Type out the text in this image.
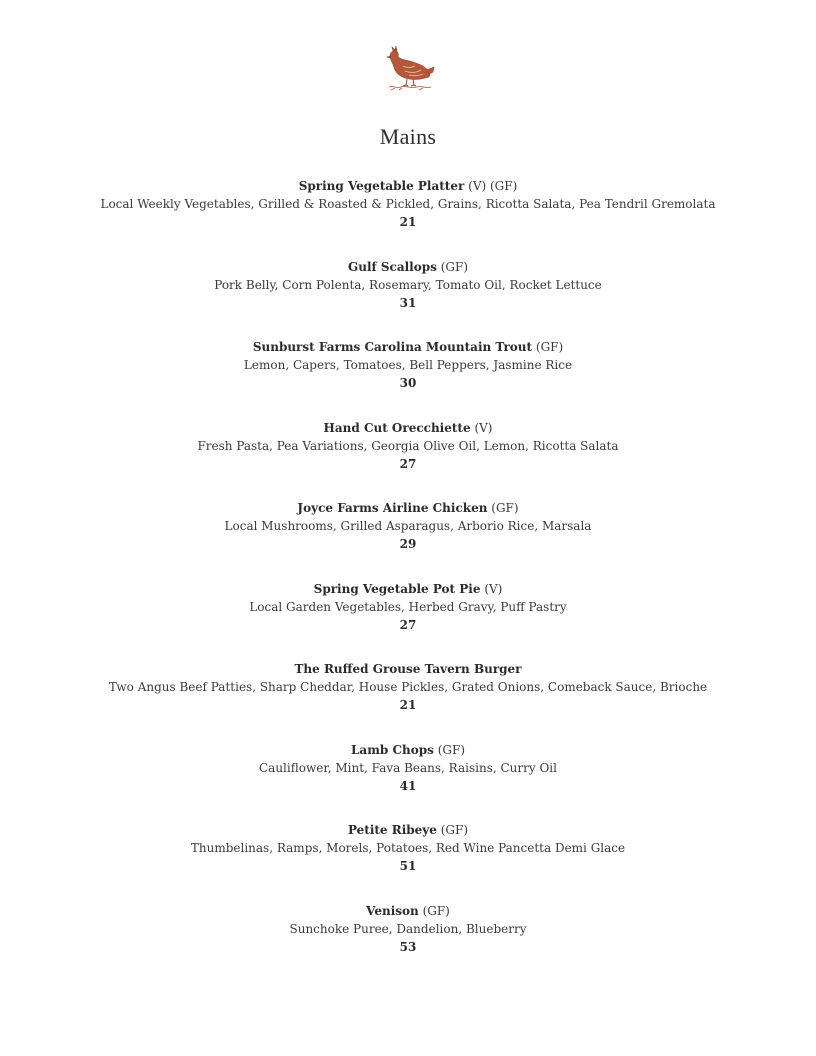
Mains
Spring Vegetable Platter (V) (GF)
Local Weekly Vegetables, Grilled & Roasted & Pickled, Grains, Ricotta Salata, Pea Tendril Gremolata
21
Gulf Scallops (GF)
Pork Belly, Corn Polenta, Rosemary, Tomato Oil, Rocket Lettuce
31
Sunburst Farms Carolina Mountain Trout (GF)
Lemon, Capers, Tomatoes, Bell Peppers, Jasmine Rice
30
Hand Cut Orecchiette (V)
Fresh Pasta, Pea Variations, Georgia Olive Oil, Lemon, Ricotta Salata
27
Joyce Farms Airline Chicken (GF)
Local Mushrooms, Grilled Asparagus, Arborio Rice, Marsala
29
Spring Vegetable Pot Pie (V)
Local Garden Vegetables, Herbed Gravy, Puff Pastry
27
The Ruffed Grouse Tavern Burger
Two Angus Beef Patties, Sharp Cheddar, House Pickles, Grated Onions, Comeback Sauce, Brioche
21
Lamb Chops (GF)
Cauliflower, Mint, Fava Beans, Raisins, Curry Oil
41
Petite Ribeye (GF)
Thumbelinas, Ramps, Morels, Potatoes, Red Wine Pancetta Demi Glace
51
Venison (GF)
Sunchoke Puree, Dandelion, Blueberry
53
